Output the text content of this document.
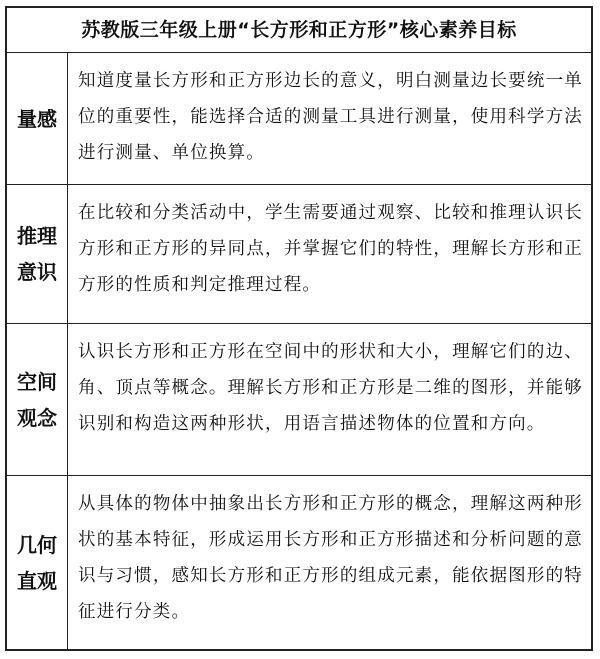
苏教版三年级上册“长方形和正方形”核心素养目标
量感
知道度量长方形和正方形边长的意义，明白测量边长要统一单位的重要性，能选择合适的测量工具进行测量，使用科学方法进行测量、单位换算。
推理
意识
在比较和分类活动中，学生需要通过观察、比较和推理认识长方形和正方形的异同点，并掌握它们的特性，理解长方形和正方形的性质和判定推理过程。
空间
观念
认识长方形和正方形在空间中的形状和大小，理解它们的边、角、顶点等概念。理解长方形和正方形是二维的图形，并能够识别和构造这两种形状，用语言描述物体的位置和方向。
几何
直观
从具体的物体中抽象出长方形和正方形的概念，理解这两种形状的基本特征，形成运用长方形和正方形描述和分析问题的意识与习惯，感知长方形和正方形的组成元素，能依据图形的特征进行分类。
